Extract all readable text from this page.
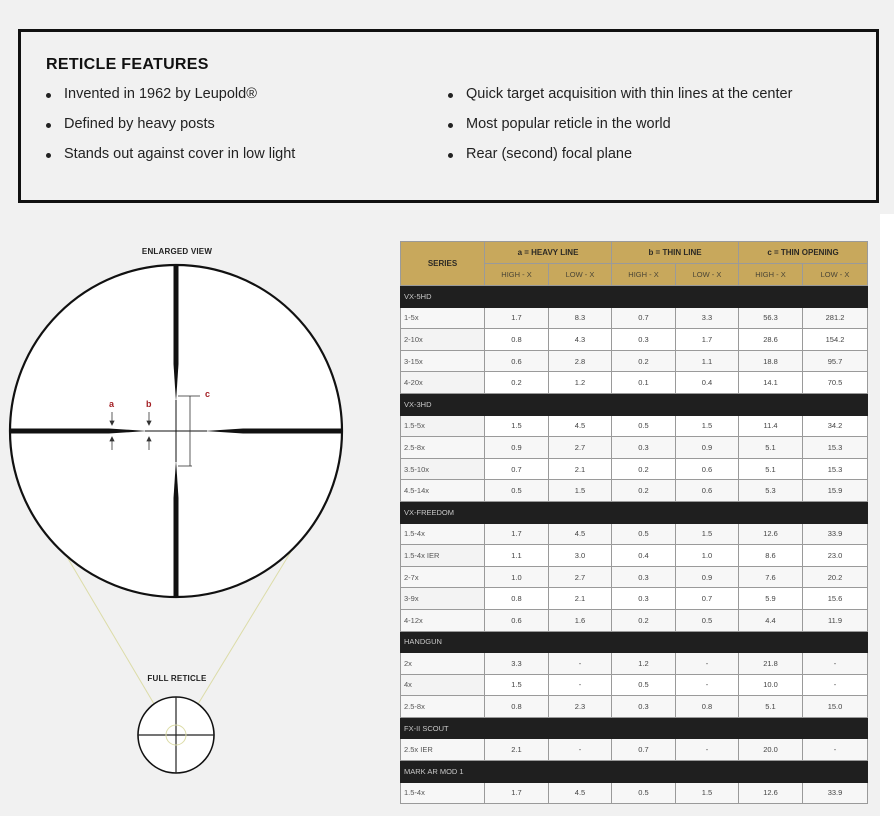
RETICLE FEATURES
Invented in 1962 by Leupold®
Defined by heavy posts
Stands out against cover in low light
Quick target acquisition with thin lines at the center
Most popular reticle in the world
Rear (second) focal plane
ENLARGED VIEW
FULL RETICLE
a	b
c
SERIES	a = HEAVY LINE		b = THIN LINE		c = THIN OPENING	
	HIGH - X	LOW - X	HIGH - X	LOW - X	HIGH - X	LOW - X
VX-5HD						
1-5x	1.7	8.3	0.7	3.3	56.3	281.2
2-10x	0.8	4.3	0.3	1.7	28.6	154.2
3-15x	0.6	2.8	0.2	1.1	18.8	95.7
4-20x	0.2	1.2	0.1	0.4	14.1	70.5
VX-3HD						
1.5-5x	1.5	4.5	0.5	1.5	11.4	34.2
2.5-8x	0.9	2.7	0.3	0.9	5.1	15.3
3.5-10x	0.7	2.1	0.2	0.6	5.1	15.3
4.5-14x	0.5	1.5	0.2	0.6	5.3	15.9
VX-FREEDOM						
1.5-4x	1.7	4.5	0.5	1.5	12.6	33.9
1.5-4x IER	1.1	3.0	0.4	1.0	8.6	23.0
2-7x	1.0	2.7	0.3	0.9	7.6	20.2
3-9x	0.8	2.1	0.3	0.7	5.9	15.6
4-12x	0.6	1.6	0.2	0.5	4.4	11.9
HANDGUN						
2x	3.3	-	1.2	-	21.8	-
4x	1.5	-	0.5	-	10.0	-
2.5-8x	0.8	2.3	0.3	0.8	5.1	15.0
FX-II SCOUT						
2.5x IER	2.1	-	0.7	-	20.0	-
MARK AR MOD 1						
1.5-4x	1.7	4.5	0.5	1.5	12.6	33.9
